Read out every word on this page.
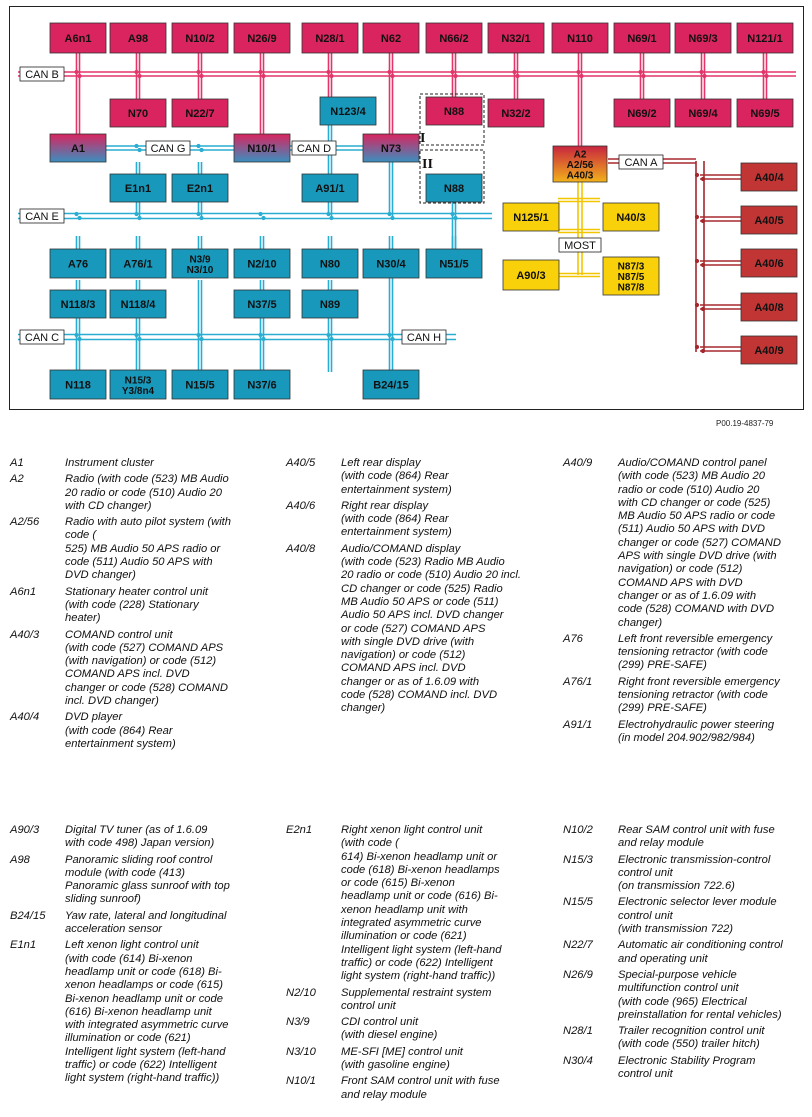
A6n1	A98	N10/2	N26/9	N28/1	N62	N66/2	N32/1	N110	N69/1	N69/3	N121/1
N70	N22/7	N32/2	N69/2	N69/4	N69/5
N88
N123/4
A1	N10/1	N73
N88
A2
A2/56
A40/3
E1n1	E2n1	A91/1
A40/4
A40/5
A40/6
A40/8
A40/9
N125/1	N40/3
A90/3
N87/3
N87/5
N87/8
A76	A76/1	N3/9
N3/10	N2/10	N80	N30/4	N51/5
N118/3 N118/4	N37/5	N89
N118	N15/3
Y3/8n4	N15/5	N37/6	B24/15
CAN B
CAN G	CAN D
CAN E
CAN C	CAN H
CAN A
MOST
I
II
P00.19-4837-79
A1	Instrument cluster
A2	Radio (with code (523) MB Audio
20 radio or code (510) Audio 20
with CD changer)
A2/56	Radio with auto pilot system (with
code (
525) MB Audio 50 APS radio or
code (511) Audio 50 APS with
DVD changer)
A6n1	Stationary heater control unit
(with code (228) Stationary
heater)
A40/3	COMAND control unit
(with code (527) COMAND APS
(with navigation) or code (512)
COMAND APS incl. DVD
changer or code (528) COMAND
incl. DVD changer)
A40/4	DVD player
(with code (864) Rear
entertainment system)
A40/5	Left rear display
(with code (864) Rear
entertainment system)
A40/6	Right rear display
(with code (864) Rear
entertainment system)
A40/8	Audio/COMAND display
(with code (523) Radio MB Audio
20 radio or code (510) Audio 20 incl.
CD changer or code (525) Radio
MB Audio 50 APS or code (511)
Audio 50 APS incl. DVD changer
or code (527) COMAND APS
with single DVD drive (with
navigation) or code (512)
COMAND APS incl. DVD
changer or as of 1.6.09 with
code (528) COMAND incl. DVD
changer)
A40/9	Audio/COMAND control panel
(with code (523) MB Audio 20
radio or code (510) Audio 20
with CD changer or code (525)
MB Audio 50 APS radio or code
(511) Audio 50 APS with DVD
changer or code (527) COMAND
APS with single DVD drive (with
navigation) or code (512)
COMAND APS with DVD
changer or as of 1.6.09 with
code (528) COMAND with DVD
changer)
A76	Left front reversible emergency
tensioning retractor (with code
(299) PRE-SAFE)
A76/1	Right front reversible emergency
tensioning retractor (with code
(299) PRE-SAFE)
A91/1	Electrohydraulic power steering
(in model 204.902/982/984)
A90/3	Digital TV tuner (as of 1.6.09
with code 498) Japan version)
A98	Panoramic sliding roof control
module (with code (413)
Panoramic glass sunroof with top
sliding sunroof)
B24/15	Yaw rate, lateral and longitudinal
acceleration sensor
E1n1	Left xenon light control unit
(with code (614) Bi-xenon
headlamp unit or code (618) Bi-
xenon headlamps or code (615)
Bi-xenon headlamp unit or code
(616) Bi-xenon headlamp unit
with integrated asymmetric curve
illumination or code (621)
Intelligent light system (left-hand
traffic) or code (622) Intelligent
light system (right-hand traffic))
E2n1	Right xenon light control unit
(with code (
614) Bi-xenon headlamp unit or
code (618) Bi-xenon headlamps
or code (615) Bi-xenon
headlamp unit or code (616) Bi-
xenon headlamp unit with
integrated asymmetric curve
illumination or code (621)
Intelligent light system (left-hand
traffic) or code (622) Intelligent
light system (right-hand traffic))
N2/10	Supplemental restraint system
control unit
N3/9	CDI control unit
(with diesel engine)
N3/10	ME-SFI [ME] control unit
(with gasoline engine)
N10/1	Front SAM control unit with fuse
and relay module
N10/2	Rear SAM control unit with fuse
and relay module
N15/3	Electronic transmission-control
control unit
(on transmission 722.6)
N15/5	Electronic selector lever module
control unit
(with transmission 722)
N22/7	Automatic air conditioning control
and operating unit
N26/9	Special-purpose vehicle
multifunction control unit
(with code (965) Electrical
preinstallation for rental vehicles)
N28/1	Trailer recognition control unit
(with code (550) trailer hitch)
N30/4	Electronic Stability Program
control unit
